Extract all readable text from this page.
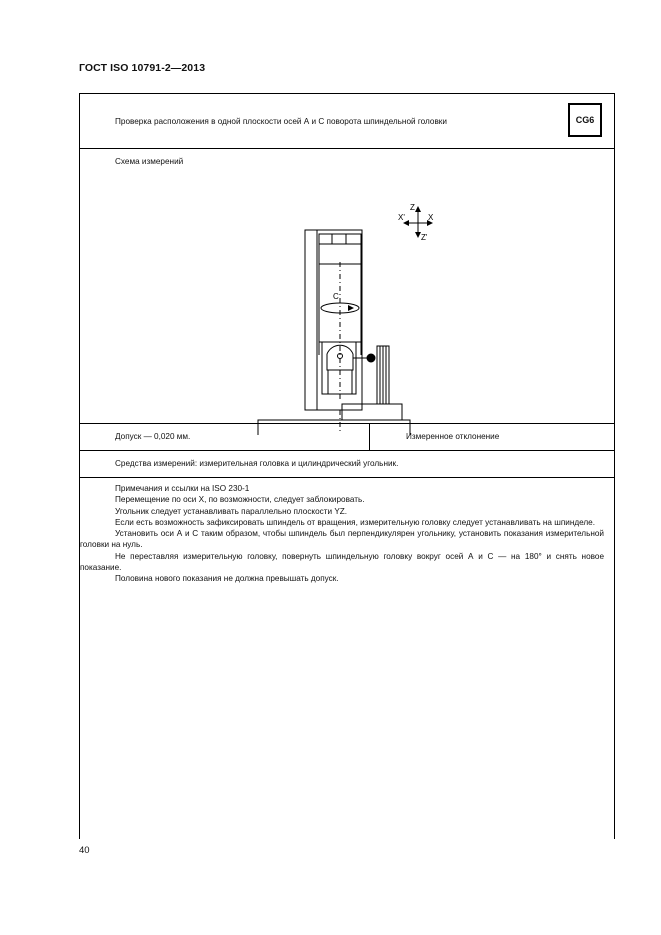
ГОСТ ISO 10791-2—2013
Проверка расположения в одной плоскости осей А и С поворота шпиндельной головки	CG6
Схема измерений
Z
X'	X
Z'
C
Допуск — 0,020 мм.	Измеренное отклонение
Средства измерений: измерительная головка и цилиндрический угольник.

Примечания и ссылки на ISO 230-1

Перемещение по оси X, по возможности, следует заблокировать.

Угольник следует устанавливать параллельно плоскости YZ.

Если есть возможность зафиксировать шпиндель от вращения, измерительную головку следует устанавливать на шпинделе.

Установить оси А и С таким образом, чтобы шпиндель был перпендикулярен угольнику, установить показания измерительной головки на нуль.

Не переставляя измерительную головку, повернуть шпиндельную головку вокруг осей А и С — на 180° и снять новое показание.

Половина нового показания не должна превышать допуск.

40
